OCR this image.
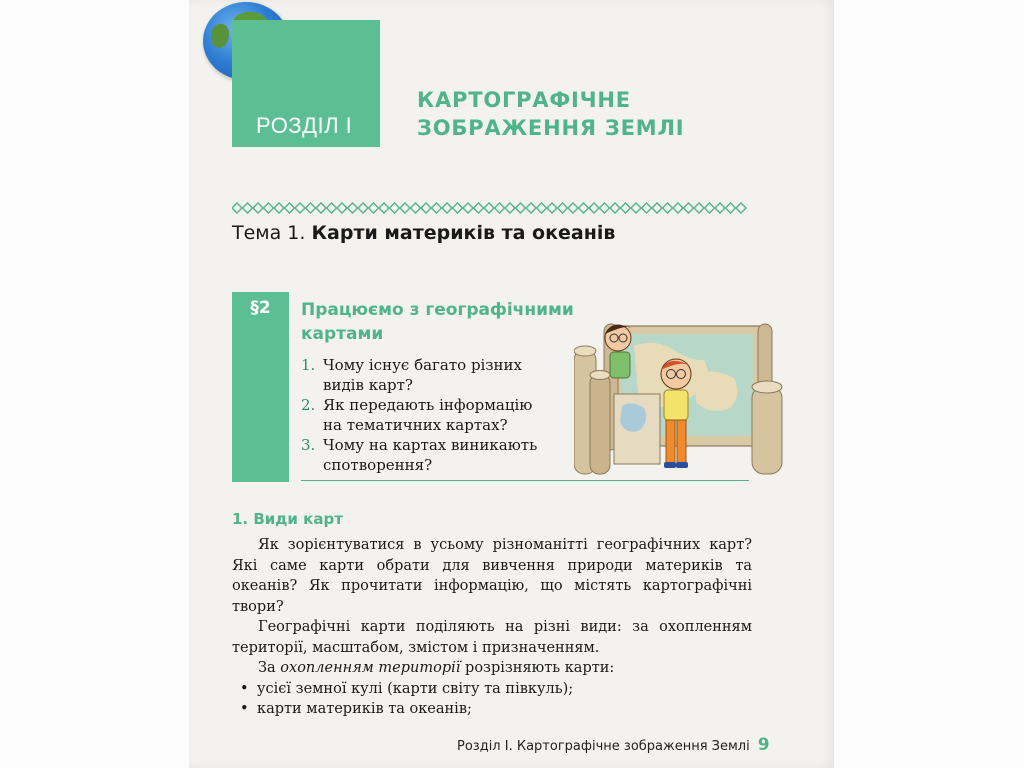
РОЗДІЛ І
КАРТОГРАФІЧНЕ
ЗОБРАЖЕННЯ ЗЕМЛІ
Тема 1. Карти материків та океанів
§2	Працюємо з географічними
картами
1. Чому існує багато різних
видів карт?
2. Як передають інформацію
на тематичних картах?
3. Чому на картах виникають
спотворення?
1. Види карт

Як зорієнтуватися в усьому різноманітті географічних карт? Які саме карти обрати для вивчення природи материків та океанів? Як прочитати інформацію, що містять картографічні твори?

Географічні карти поділяють на різні види: за охопленням території, масштабом, змістом і призначенням.

За охопленням території розрізняють карти:

• усієї земної кулі (карти світу та півкуль);
• карти материків та океанів;
Розділ І. Картографічне зображення Землі 9
